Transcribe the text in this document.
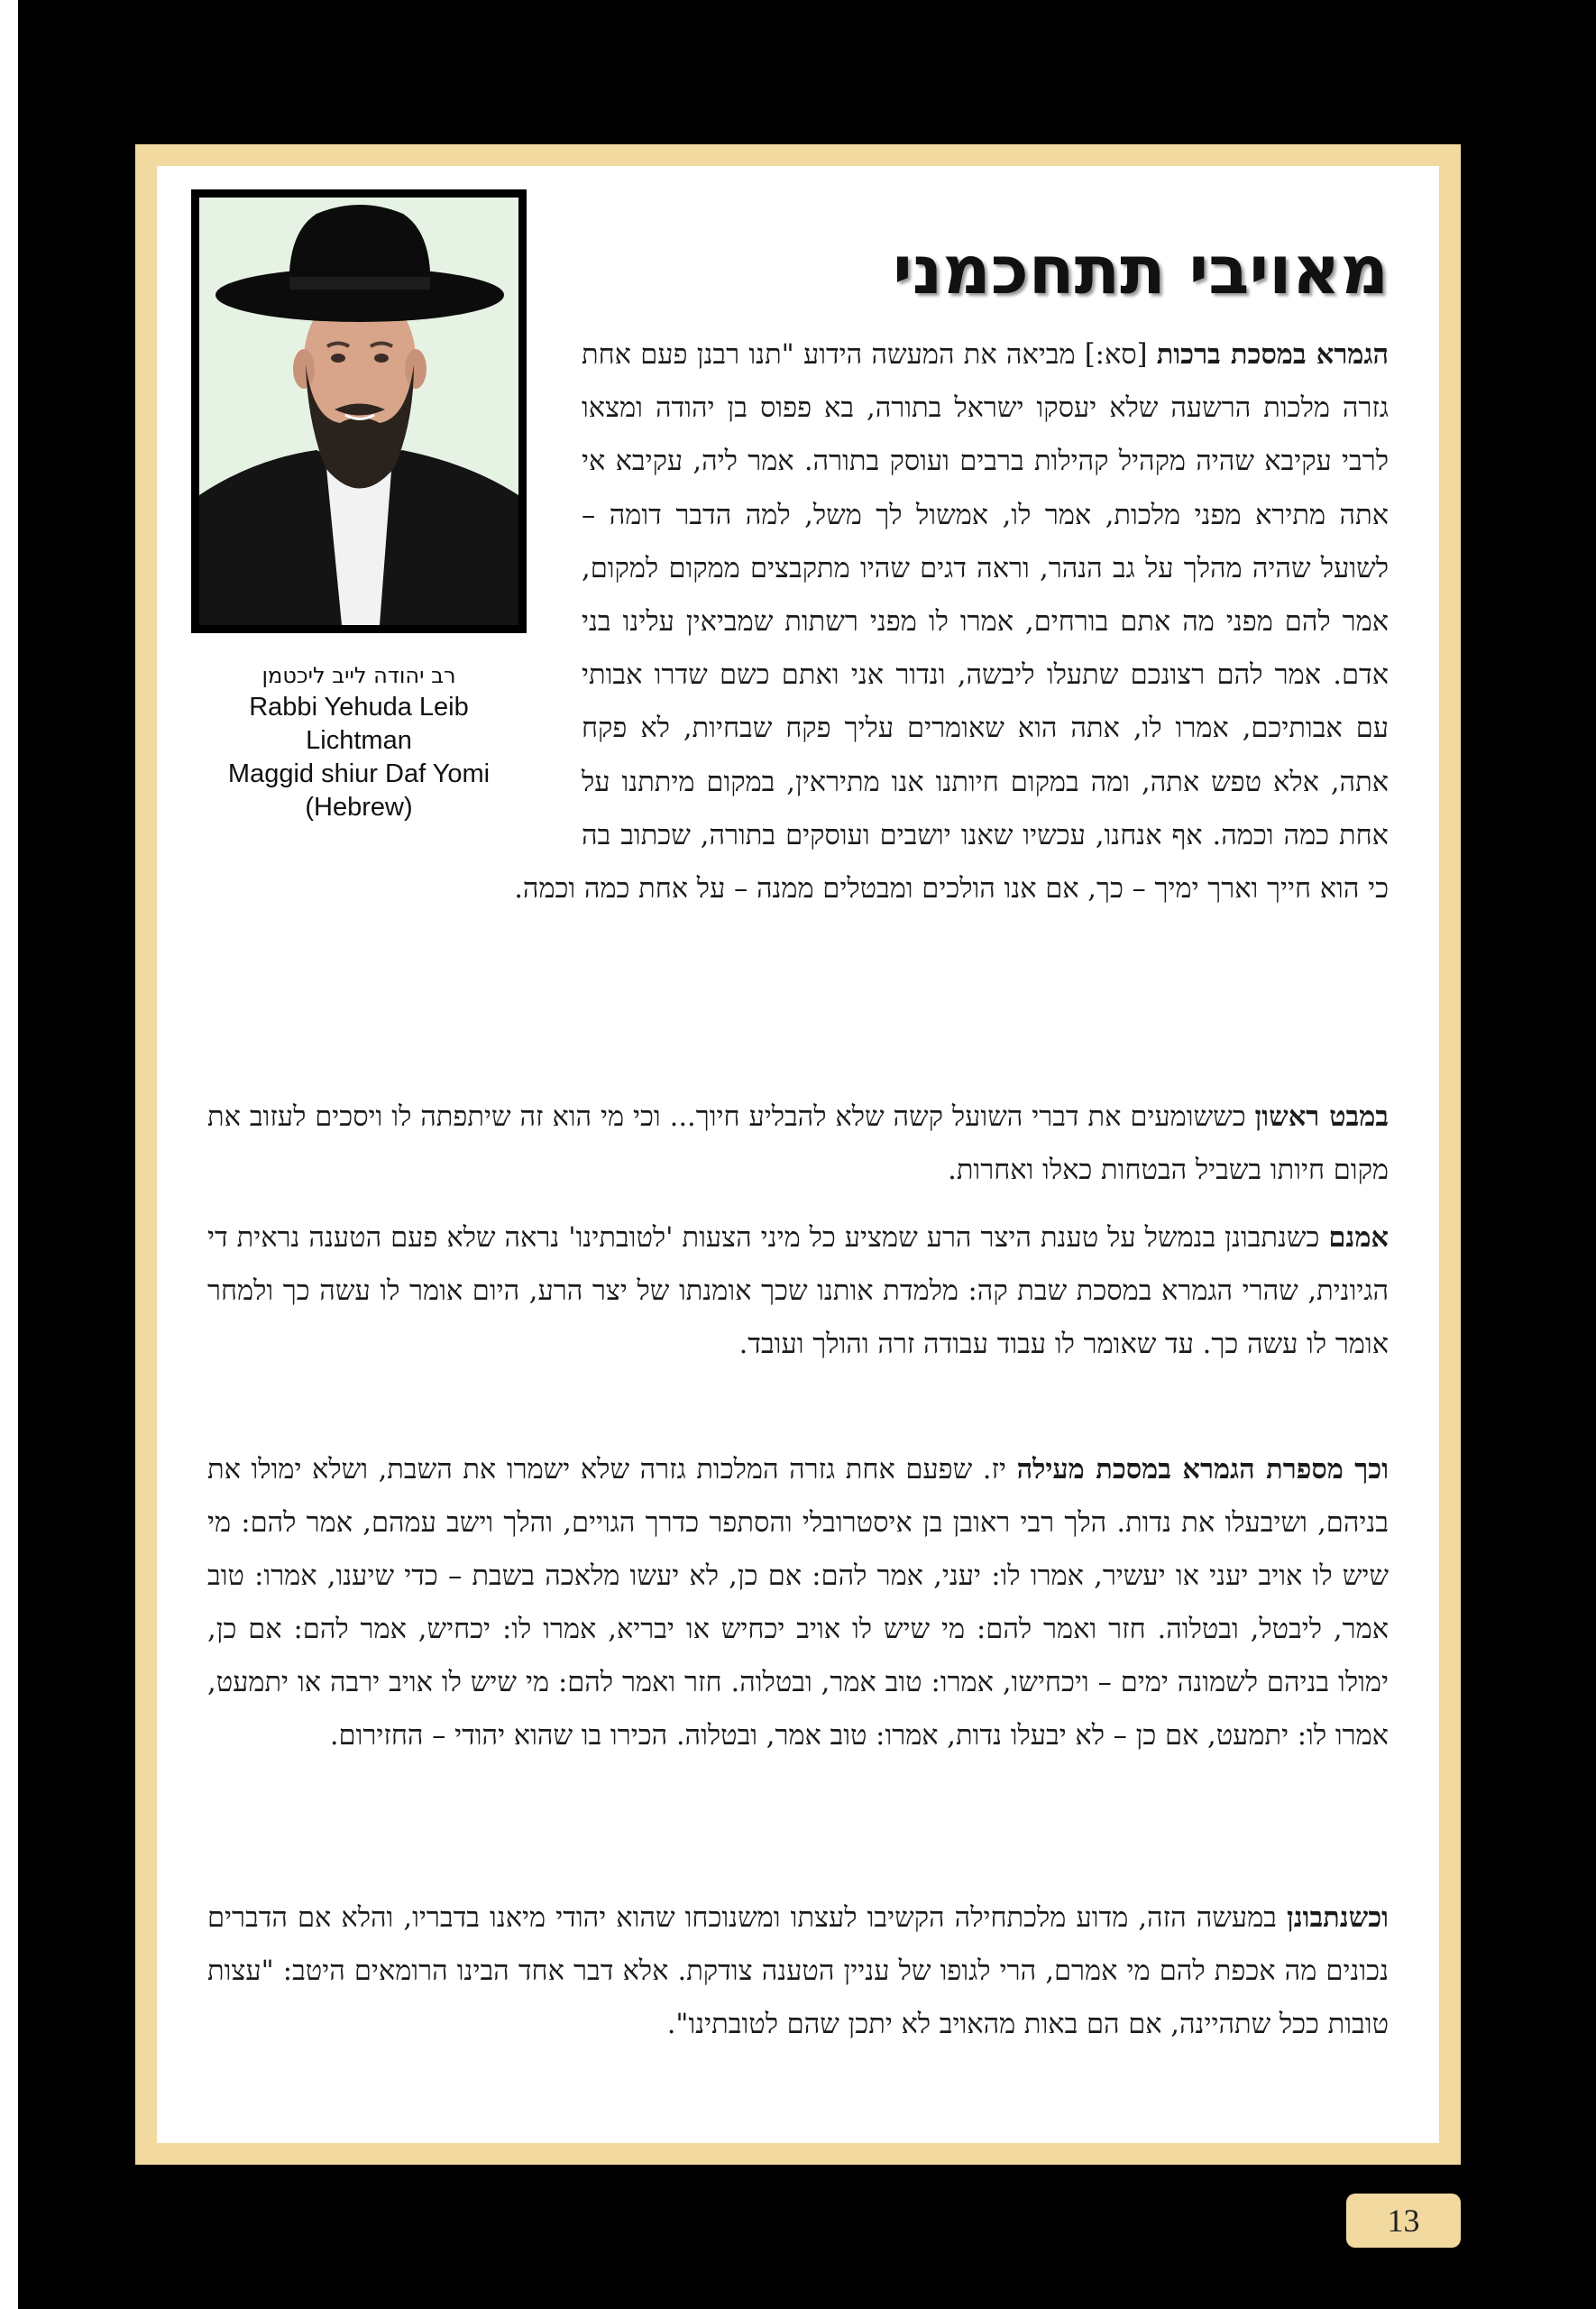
רב יהודה לייב ליכטמן
Rabbi Yehuda Leib
Lichtman
Maggid shiur Daf Yomi
(Hebrew)
מאויבי תתחכמני
הגמרא במסכת ברכות [סא:] מביאה את המעשה הידוע "תנו רבנן פעם אחת גזרה מלכות הרשעה שלא יעסקו ישראל בתורה, בא פפוס בן יהודה ומצאו לרבי עקיבא שהיה מקהיל קהילות ברבים ועוסק בתורה. אמר ליה, עקיבא אי אתה מתירא מפני מלכות, אמר לו, אמשול לך משל, למה הדבר דומה – לשועל שהיה מהלך על גב הנהר, וראה דגים שהיו מתקבצים ממקום למקום, אמר להם מפני מה אתם בורחים, אמרו לו מפני רשתות שמביאין עלינו בני אדם. אמר להם רצונכם שתעלו ליבשה, ונדור אני ואתם כשם שדרו אבותי עם אבותיכם, אמרו לו, אתה הוא שאומרים עליך פקח שבחיות, לא פקח אתה, אלא טפש אתה, ומה במקום חיותנו אנו מתיראין, במקום מיתתנו על אחת כמה וכמה. אף אנחנו, עכשיו שאנו יושבים ועוסקים בתורה, שכתוב בה כי הוא חייך וארך ימיך – כך, אם אנו הולכים ומבטלים ממנה – על אחת כמה וכמה.
במבט ראשון כששומעים את דברי השועל קשה שלא להבליע חיוך... וכי מי הוא זה שיתפתה לו ויסכים לעזוב את מקום חיותו בשביל הבטחות כאלו ואחרות.
אמנם כשנתבונן בנמשל על טענת היצר הרע שמציע כל מיני הצעות 'לטובתינו' נראה שלא פעם הטענה נראית די הגיונית, שהרי הגמרא במסכת שבת קה: מלמדת אותנו שכך אומנתו של יצר הרע, היום אומר לו עשה כך ולמחר אומר לו עשה כך. עד שאומר לו עבוד עבודה זרה והולך ועובד.
וכך מספרת הגמרא במסכת מעילה יז. שפעם אחת גזרה המלכות גזרה שלא ישמרו את השבת, ושלא ימולו את בניהם, ושיבעלו את נדות. הלך רבי ראובן בן איסטרובלי והסתפר כדרך הגויים, והלך וישב עמהם, אמר להם: מי שיש לו אויב יעני או יעשיר, אמרו לו: יעני, אמר להם: אם כן, לא יעשו מלאכה בשבת – כדי שיענו, אמרו: טוב אמר, ליבטל, ובטלוה. חזר ואמר להם: מי שיש לו אויב יכחיש או יבריא, אמרו לו: יכחיש, אמר להם: אם כן, ימולו בניהם לשמונה ימים – ויכחישו, אמרו: טוב אמר, ובטלוה. חזר ואמר להם: מי שיש לו אויב ירבה או יתמעט, אמרו לו: יתמעט, אם כן – לא יבעלו נדות, אמרו: טוב אמר, ובטלוה. הכירו בו שהוא יהודי – החזירום.
וכשנתבונן במעשה הזה, מדוע מלכתחילה הקשיבו לעצתו ומשנוכחו שהוא יהודי מיאנו בדבריו, והלא אם הדברים נכונים מה אכפת להם מי אמרם, הרי לגופו של עניין הטענה צודקת. אלא דבר אחד הבינו הרומאים היטב: "עצות טובות ככל שתהיינה, אם הם באות מהאויב לא יתכן שהם לטובתינו".
13
